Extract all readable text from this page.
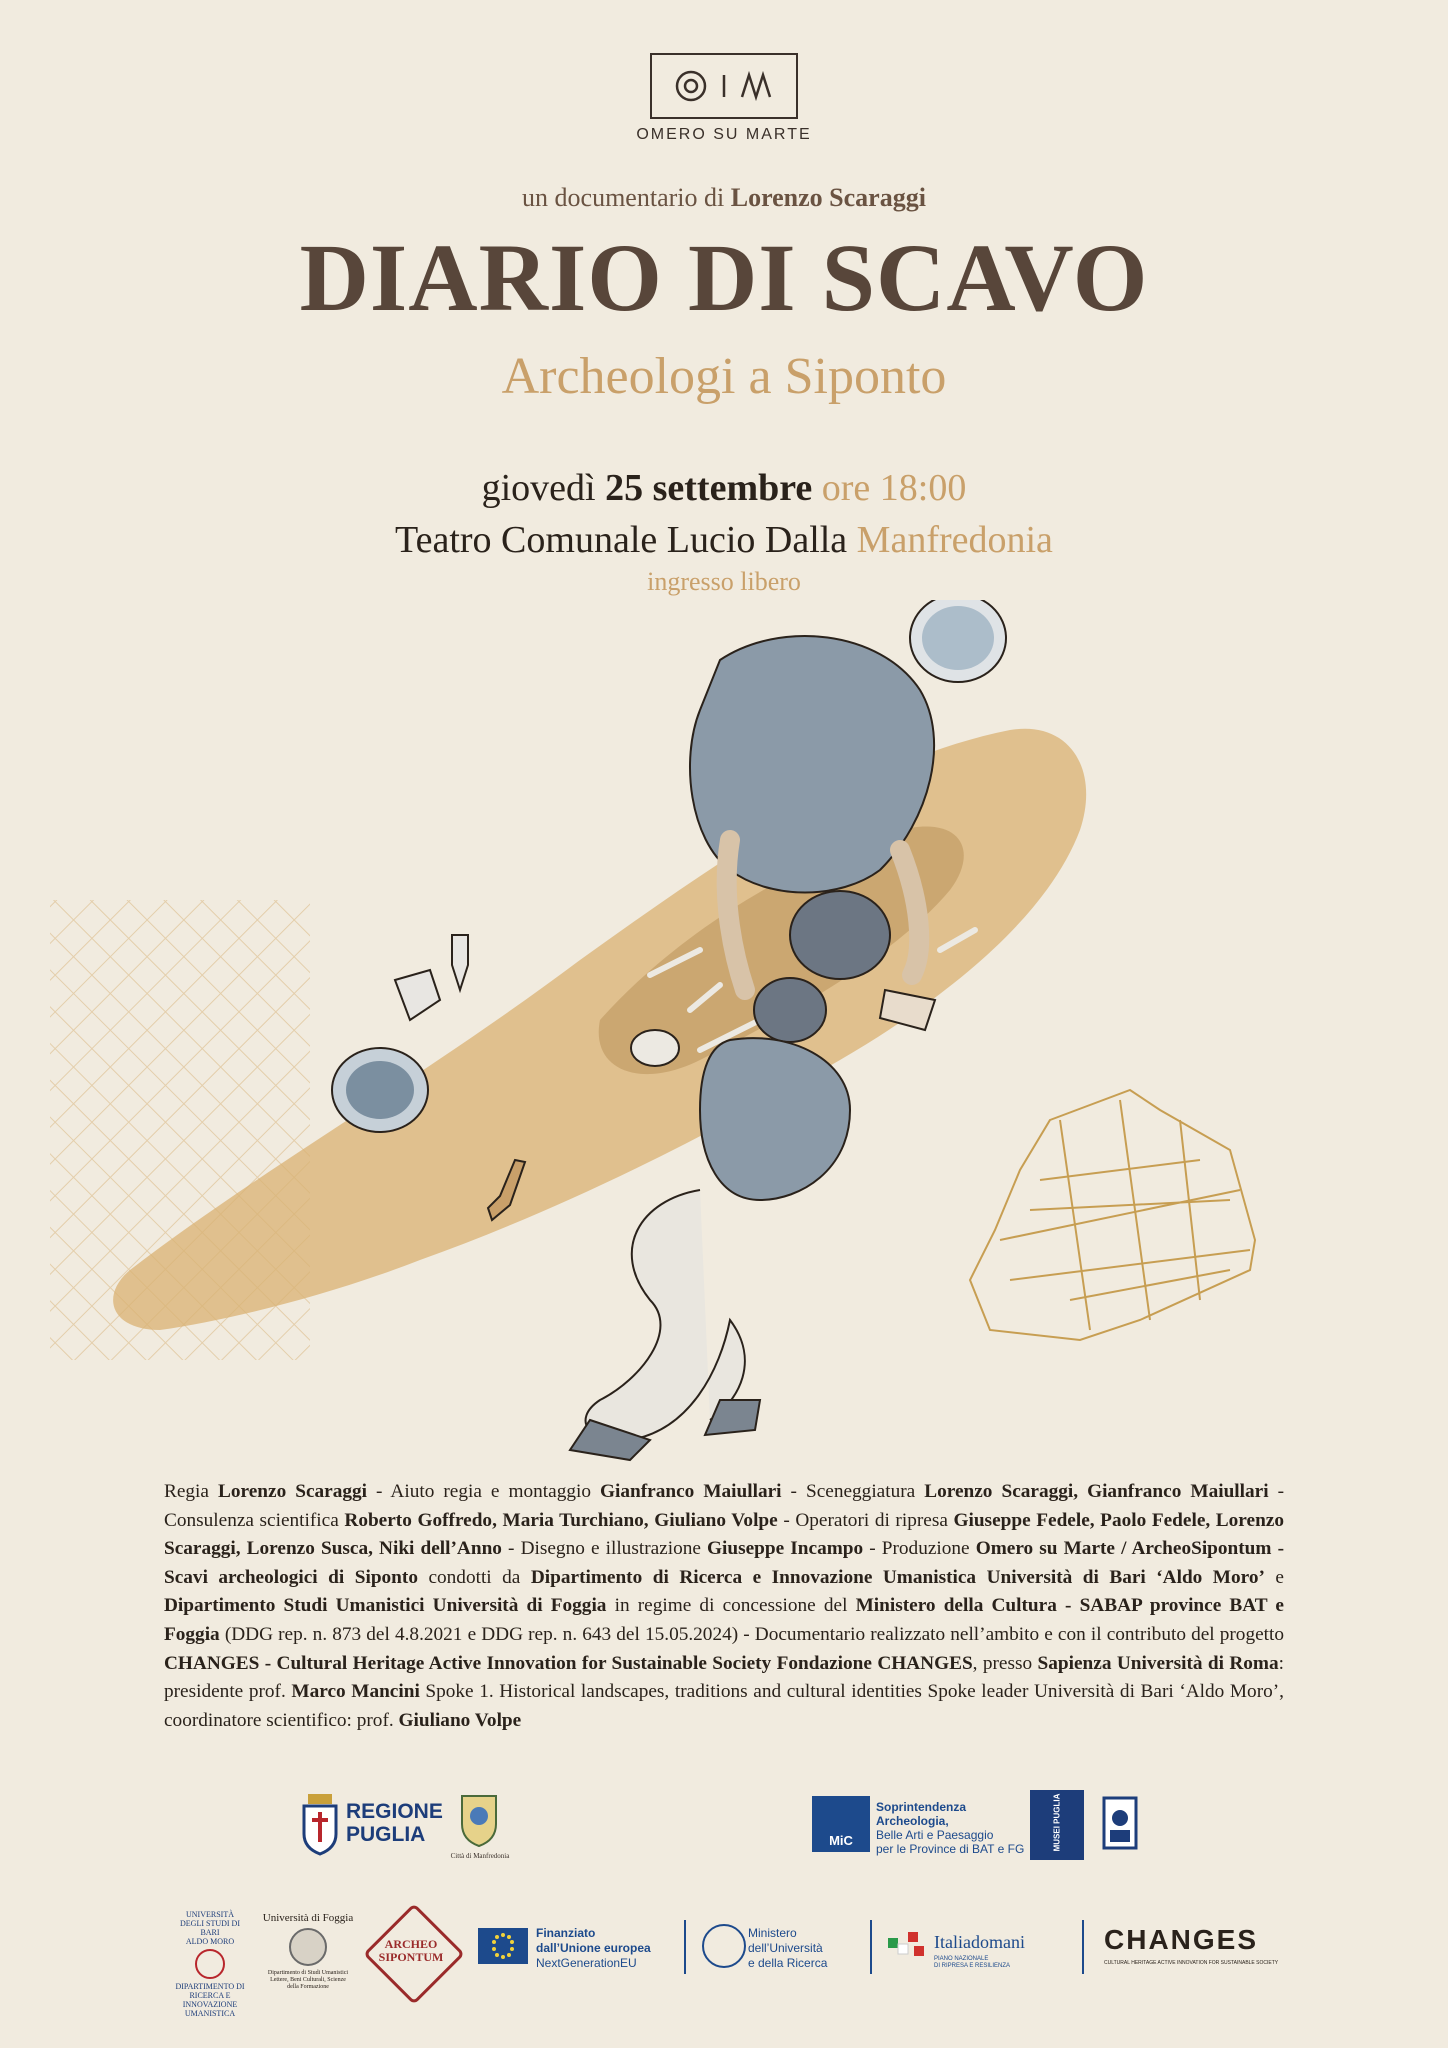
OMERO SU MARTE
un documentario di Lorenzo Scaraggi
DIARIO DI SCAVO
Archeologi a Siponto
giovedì 25 settembre ore 18:00
Teatro Comunale Lucio Dalla Manfredonia
ingresso libero

Regia Lorenzo Scaraggi - Aiuto regia e montaggio Gianfranco Maiullari - Sceneggiatura Lorenzo Scaraggi, Gianfranco Maiullari - Consulenza scientifica Roberto Goffredo, Maria Turchiano, Giuliano Volpe - Operatori di ripresa Giuseppe Fedele, Paolo Fedele, Lorenzo Scaraggi, Lorenzo Susca, Niki dell’Anno - Disegno e illustrazione Giuseppe Incampo - Produzione Omero su Marte / ArcheoSipontum - Scavi archeologici di Siponto condotti da Dipartimento di Ricerca e Innovazione Umanistica Università di Bari ‘Aldo Moro’ e Dipartimento Studi Umanistici Università di Foggia in regime di concessione del Ministero della Cultura - SABAP province BAT e Foggia (DDG rep. n. 873 del 4.8.2021 e DDG rep. n. 643 del 15.05.2024) - Documentario realizzato nell’ambito e con il contributo del progetto CHANGES - Cultural Heritage Active Innovation for Sustainable Society Fondazione CHANGES, presso Sapienza Università di Roma: presidente prof. Marco Mancini Spoke 1. Historical landscapes, traditions and cultural identities Spoke leader Università di Bari ‘Aldo Moro’, coordinatore scientifico: prof. Giuliano Volpe

REGIONE PUGLIA
Città di Manfredonia
MiC
Soprintendenza
Archeologia,
Belle Arti e Paesaggio
per le Province di BAT e FG	MUSEI PUGLIA
UNIVERSITÀ
DEGLI STUDI DI BARI
ALDO MORO
DIPARTIMENTO DI
RICERCA E
INNOVAZIONE UMANISTICA
Università di Foggia
Dipartimento di Studi Umanistici
Lettere, Beni Culturali, Scienze
della Formazione
ARCHEO SIPONTUM
Finanziato
dall’Unione europea
NextGenerationEU
Ministero
dell’Università
e della Ricerca
Italiadomani
PIANO NAZIONALE
DI RIPRESA E RESILIENZA
CHANGES
CULTURAL HERITAGE ACTIVE INNOVATION FOR SUSTAINABLE SOCIETY
